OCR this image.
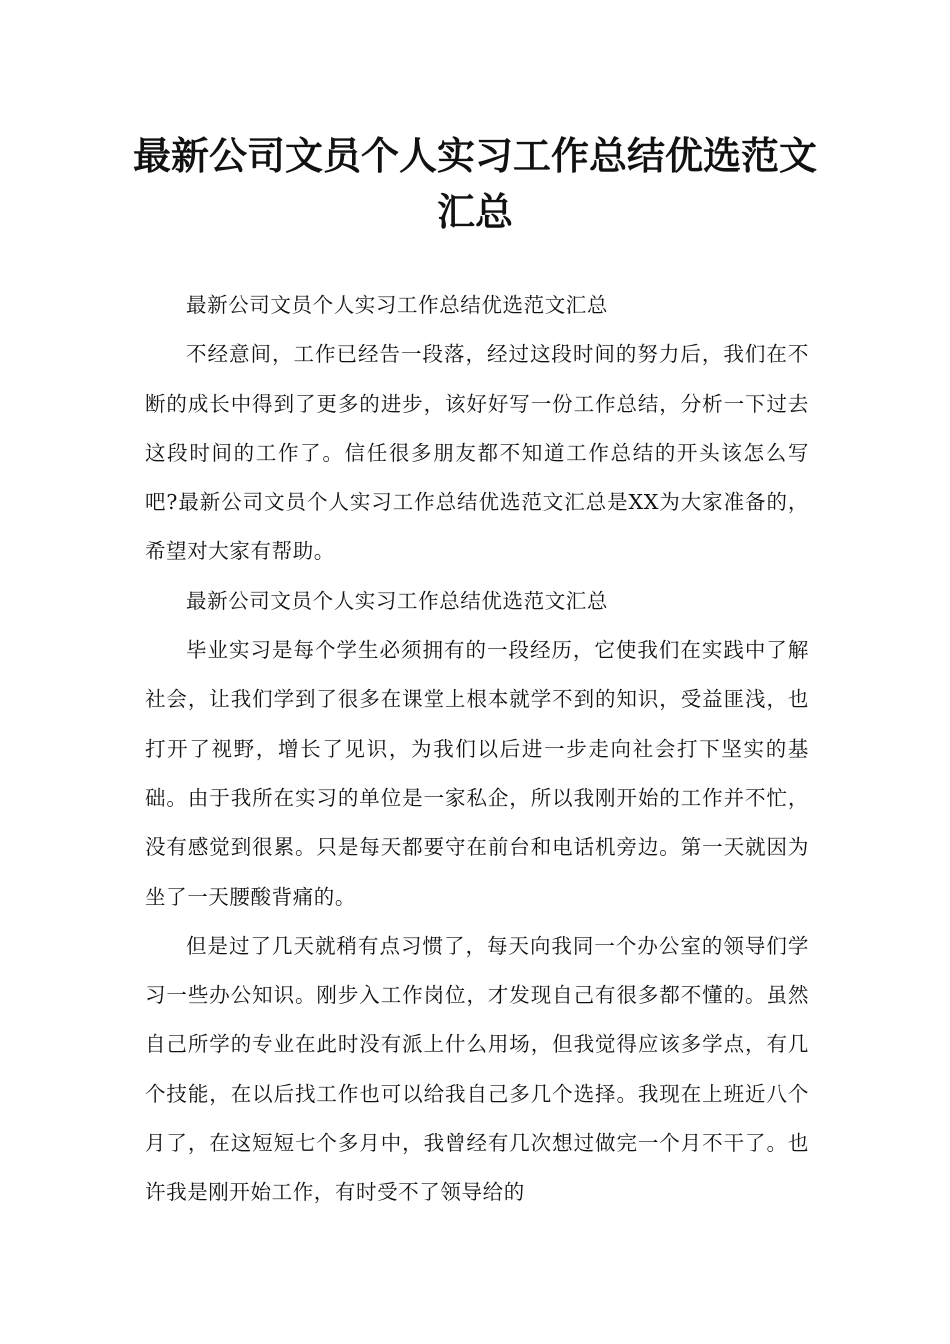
最新公司文员个人实习工作总结优选范文汇总

最新公司文员个人实习工作总结优选范文汇总

不经意间，工作已经告一段落，经过这段时间的努力后，我们在不断的成长中得到了更多的进步，该好好写一份工作总结，分析一下过去这段时间的工作了。信任很多朋友都不知道工作总结的开头该怎么写吧?最新公司文员个人实习工作总结优选范文汇总是XX为大家准备的，希望对大家有帮助。

最新公司文员个人实习工作总结优选范文汇总

毕业实习是每个学生必须拥有的一段经历，它使我们在实践中了解社会，让我们学到了很多在课堂上根本就学不到的知识，受益匪浅，也打开了视野，增长了见识，为我们以后进一步走向社会打下坚实的基础。由于我所在实习的单位是一家私企，所以我刚开始的工作并不忙，没有感觉到很累。只是每天都要守在前台和电话机旁边。第一天就因为坐了一天腰酸背痛的。

但是过了几天就稍有点习惯了，每天向我同一个办公室的领导们学习一些办公知识。刚步入工作岗位，才发现自己有很多都不懂的。虽然自己所学的专业在此时没有派上什么用场，但我觉得应该多学点，有几个技能，在以后找工作也可以给我自己多几个选择。我现在上班近八个月了，在这短短七个多月中，我曾经有几次想过做完一个月不干了。也许我是刚开始工作，有时受不了领导给的
